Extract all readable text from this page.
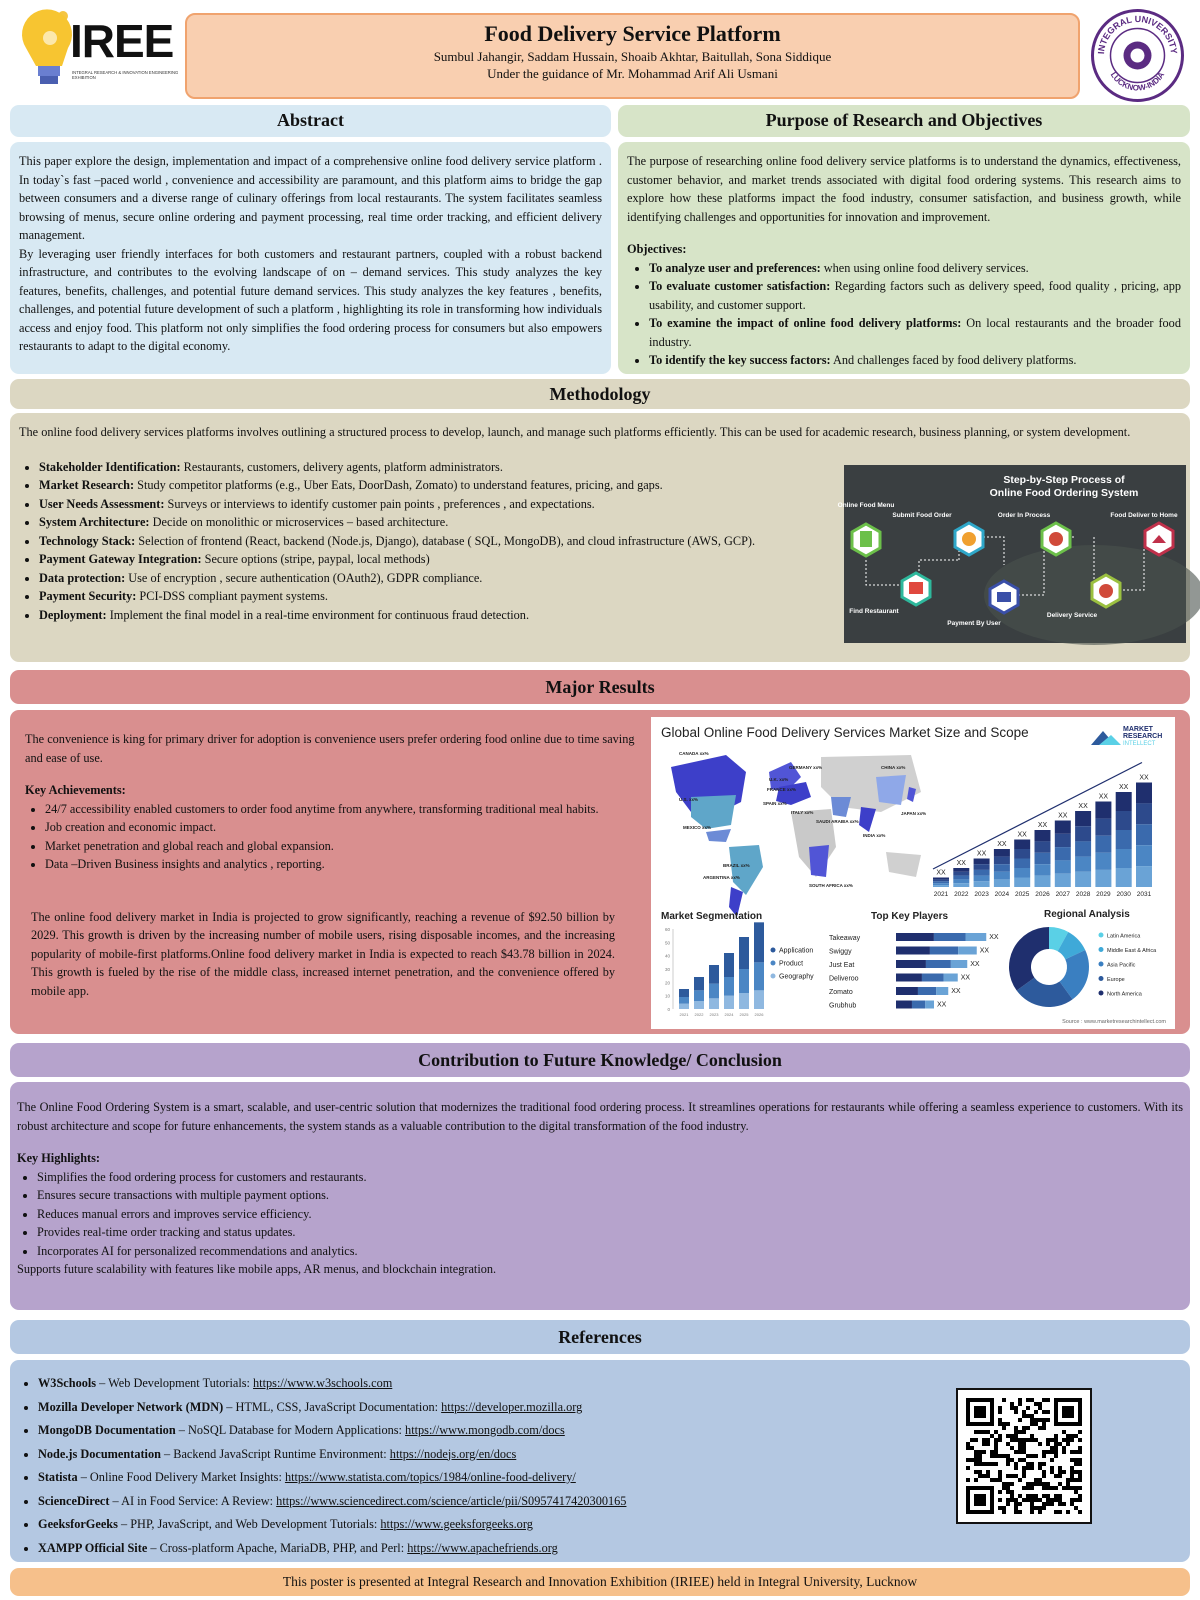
IREE
INTEGRAL RESEARCH & INNOVATION ENGINEERING EXHIBITION
Food Delivery Service Platform

Sumbul Jahangir, Saddam Hussain, Shoaib Akhtar, Baitullah, Sona Siddique

Under the guidance of Mr. Mohammad Arif Ali Usmani

INTEGRAL UNIVERSITY
LUCKNOW-INDIA
Abstract

This paper explore the design, implementation and impact of a comprehensive online food delivery service platform . In today`s fast –paced world , convenience and accessibility are paramount, and this platform aims to bridge the gap between consumers and a diverse range of culinary offerings from local restaurants. The system facilitates seamless browsing of menus, secure online ordering and payment processing, real time order tracking, and efficient delivery management.

By leveraging user friendly interfaces for both customers and restaurant partners, coupled with a robust backend infrastructure, and contributes to the evolving landscape of on – demand services. This study analyzes the key features, benefits, challenges, and potential future demand services. This study analyzes the key features , benefits, challenges, and potential future development of such a platform , highlighting its role in transforming how individuals access and enjoy food. This platform not only simplifies the food ordering process for consumers but also empowers restaurants to adapt to the digital economy.

Purpose of Research and Objectives

The purpose of researching online food delivery service platforms is to understand the dynamics, effectiveness, customer behavior, and market trends associated with digital food ordering systems. This research aims to explore how these platforms impact the food industry, consumer satisfaction, and business growth, while identifying challenges and opportunities for innovation and improvement.

Objectives:

• To analyze user and preferences: when using online food delivery services.
• To evaluate customer satisfaction: Regarding factors such as delivery speed, food quality , pricing, app usability, and customer support.
• To examine the impact of online food delivery platforms: On local restaurants and the broader food industry.
• To identify the key success factors: And challenges faced by food delivery platforms.
Methodology

The online food delivery services platforms involves outlining a structured process to develop, launch, and manage such platforms efficiently. This can be used for academic research, business planning, or system development.

• Stakeholder Identification: Restaurants, customers, delivery agents, platform administrators.
• Market Research: Study competitor platforms (e.g., Uber Eats, DoorDash, Zomato) to understand features, pricing, and gaps.
• User Needs Assessment: Surveys or interviews to identify customer pain points , preferences , and expectations.
• System Architecture: Decide on monolithic or microservices – based architecture.
• Technology Stack: Selection of frontend (React, backend (Node.js, Django), database ( SQL, MongoDB), and cloud infrastructure (AWS, GCP).
• Payment Gateway Integration: Secure options (stripe, paypal, local methods)
• Data protection: Use of encryption , secure authentication (OAuth2), GDPR compliance.
• Payment Security: PCI-DSS compliant payment systems.
• Deployment: Implement the final model in a real-time environment for continuous fraud detection.
Step-by-Step Process of
Online Food Ordering System
Online Food Menu
Submit Food Order	Order In Process	Food Deliver to Home
Find Restaurant
Payment By User
Delivery Service
Major Results

The convenience is king for primary driver for adoption is convenience users prefer ordering food online due to time saving and ease of use.

Key Achievements:

• 24/7 accessibility enabled customers to order food anytime from anywhere, transforming traditional meal habits.
• Job creation and economic impact.
• Market penetration and global reach and global expansion.
• Data –Driven Business insights and analytics , reporting.

The online food delivery market in India is projected to grow significantly, reaching a revenue of $92.50 billion by 2029. This growth is driven by the increasing number of mobile users, rising disposable incomes, and the increasing popularity of mobile-first platforms.Online food delivery market in India is expected to reach $43.78 billion in 2024. This growth is fueled by the rise of the middle class, increased internet penetration, and the convenience offered by mobile app.

Global Online Food Delivery Services Market Size and Scope	MARKET
RESEARCH
INTELLECT
CANADA xx% U.S. xx% MEXICO xx% U.K. xx% FRANCE xx% SPAIN xx% GERMANY xx% ITALY xx% CHINA xx% JAPAN xx% INDIA xx% SAUDI ARABIA xx% SOUTH AFRICA xx% BRAZIL xx% ARGENTINA xx%
XX
2021
XX
2022
XX
2023
XX
2024
XX
2025
XX
2026
XX
2027
XX
2028
XX
2029
XX
2030
XX
2031
Market Segmentation
0
10
20
30
40
50
60
2021 2022 2023 2024 2025 2026
Application
Product
Geography
Top Key Players
Takeaway	XX
Swiggy	XX
Just Eat	XX
Deliveroo	XX
Zomato	XX
Grubhub	XX
Regional Analysis
Latin America
Middle East & Africa
Asia Pacific
Europe
North America
Source : www.marketresearchintellect.com
Contribution to Future Knowledge/ Conclusion

The Online Food Ordering System is a smart, scalable, and user-centric solution that modernizes the traditional food ordering process. It streamlines operations for restaurants while offering a seamless experience to customers. With its robust architecture and scope for future enhancements, the system stands as a valuable contribution to the digital transformation of the food industry.

Key Highlights:

• Simplifies the food ordering process for customers and restaurants.
• Ensures secure transactions with multiple payment options.
• Reduces manual errors and improves service efficiency.
• Provides real-time order tracking and status updates.
• Incorporates AI for personalized recommendations and analytics.

Supports future scalability with features like mobile apps, AR menus, and blockchain integration.

References
• W3Schools – Web Development Tutorials: https://www.w3schools.com
• Mozilla Developer Network (MDN) – HTML, CSS, JavaScript Documentation: https://developer.mozilla.org
• MongoDB Documentation – NoSQL Database for Modern Applications: https://www.mongodb.com/docs
• Node.js Documentation – Backend JavaScript Runtime Environment: https://nodejs.org/en/docs
• Statista – Online Food Delivery Market Insights: https://www.statista.com/topics/1984/online-food-delivery/
• ScienceDirect – AI in Food Service: A Review: https://www.sciencedirect.com/science/article/pii/S0957417420300165
• GeeksforGeeks – PHP, JavaScript, and Web Development Tutorials: https://www.geeksforgeeks.org
• XAMPP Official Site – Cross-platform Apache, MariaDB, PHP, and Perl: https://www.apachefriends.org
This poster is presented at Integral Research and Innovation Exhibition (IRIEE) held in Integral University, Lucknow
